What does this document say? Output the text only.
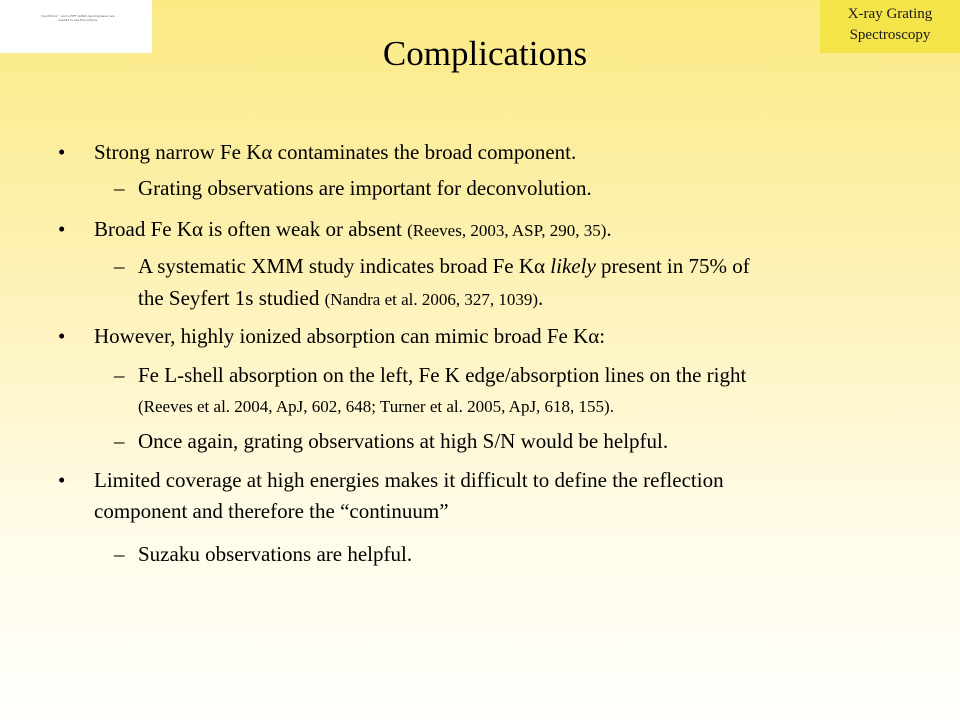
QuickTime™ and a TIFF (LZW) decompressor are needed to see this picture.	X-ray Grating
Spectroscopy
Complications
• Strong narrow Fe Kα contaminates the broad component.
– Grating observations are important for deconvolution.
• Broad Fe Kα is often weak or absent (Reeves, 2003, ASP, 290, 35).
– A systematic XMM study indicates broad Fe Kα likely present in 75% of
the Seyfert 1s studied (Nandra et al. 2006, 327, 1039).
• However, highly ionized absorption can mimic broad Fe Kα:
– Fe L-shell absorption on the left, Fe K edge/absorption lines on the right
(Reeves et al. 2004, ApJ, 602, 648; Turner et al. 2005, ApJ, 618, 155).
– Once again, grating observations at high S/N would be helpful.
• Limited coverage at high energies makes it difficult to define the reflection
component and therefore the “continuum”
– Suzaku observations are helpful.
